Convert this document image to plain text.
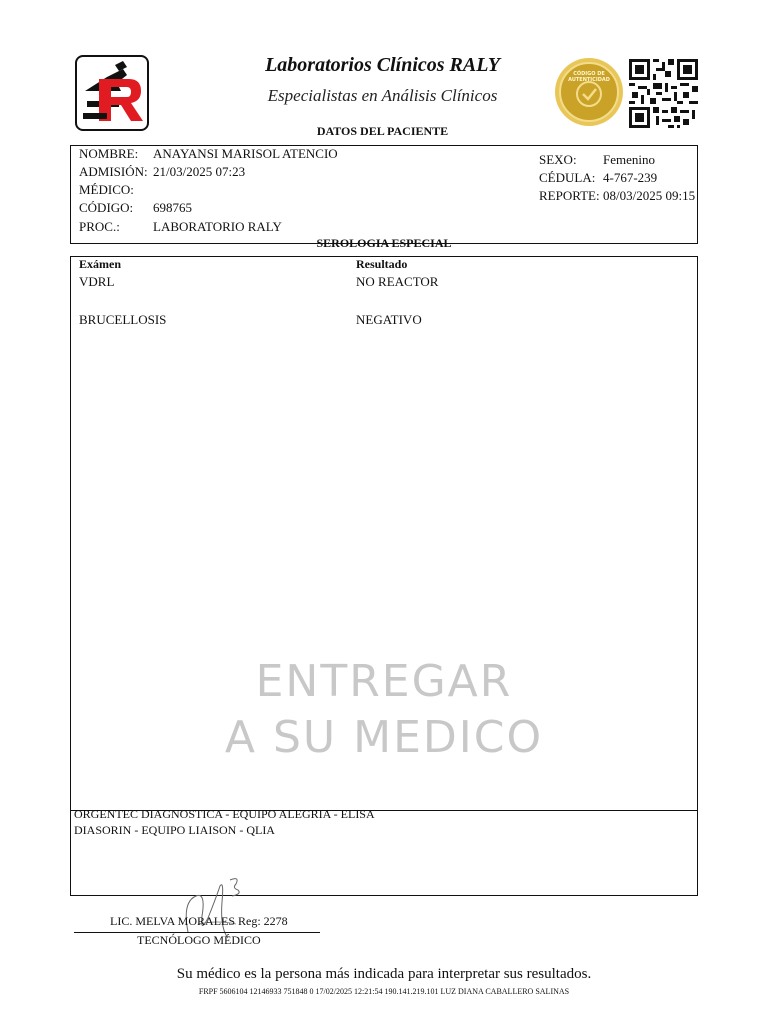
Laboratorios Clínicos RALY
Especialistas en Análisis Clínicos
CÓDIGO DE AUTENTICIDAD
DATOS DEL PACIENTE
NOMBRE: ANAYANSI MARISOL ATENCIO
ADMISIÓN: 21/03/2025 07:23
MÉDICO:
CÓDIGO: 698765
PROC.:	LABORATORIO RALY
SEXO: Femenino
CÉDULA: 4-767-239
REPORTE: 08/03/2025 09:15
SEROLOGIA ESPECIAL
Exámen	Resultado
VDRL	NO REACTOR
BRUCELLOSIS	NEGATIVO
ORGENTEC DIAGNOSTICA - EQUIPO ALEGRIA - ELISA
DIASORIN - EQUIPO LIAISON - QLIA
ENTREGAR
A SU MEDICO
LIC. MELVA MORALES Reg: 2278
TECNÓLOGO MÉDICO
Su médico es la persona más indicada para interpretar sus resultados.
FRPF 5606104 12146933 751848 0 17/02/2025 12:21:54 190.141.219.101 LUZ DIANA CABALLERO SALINAS
